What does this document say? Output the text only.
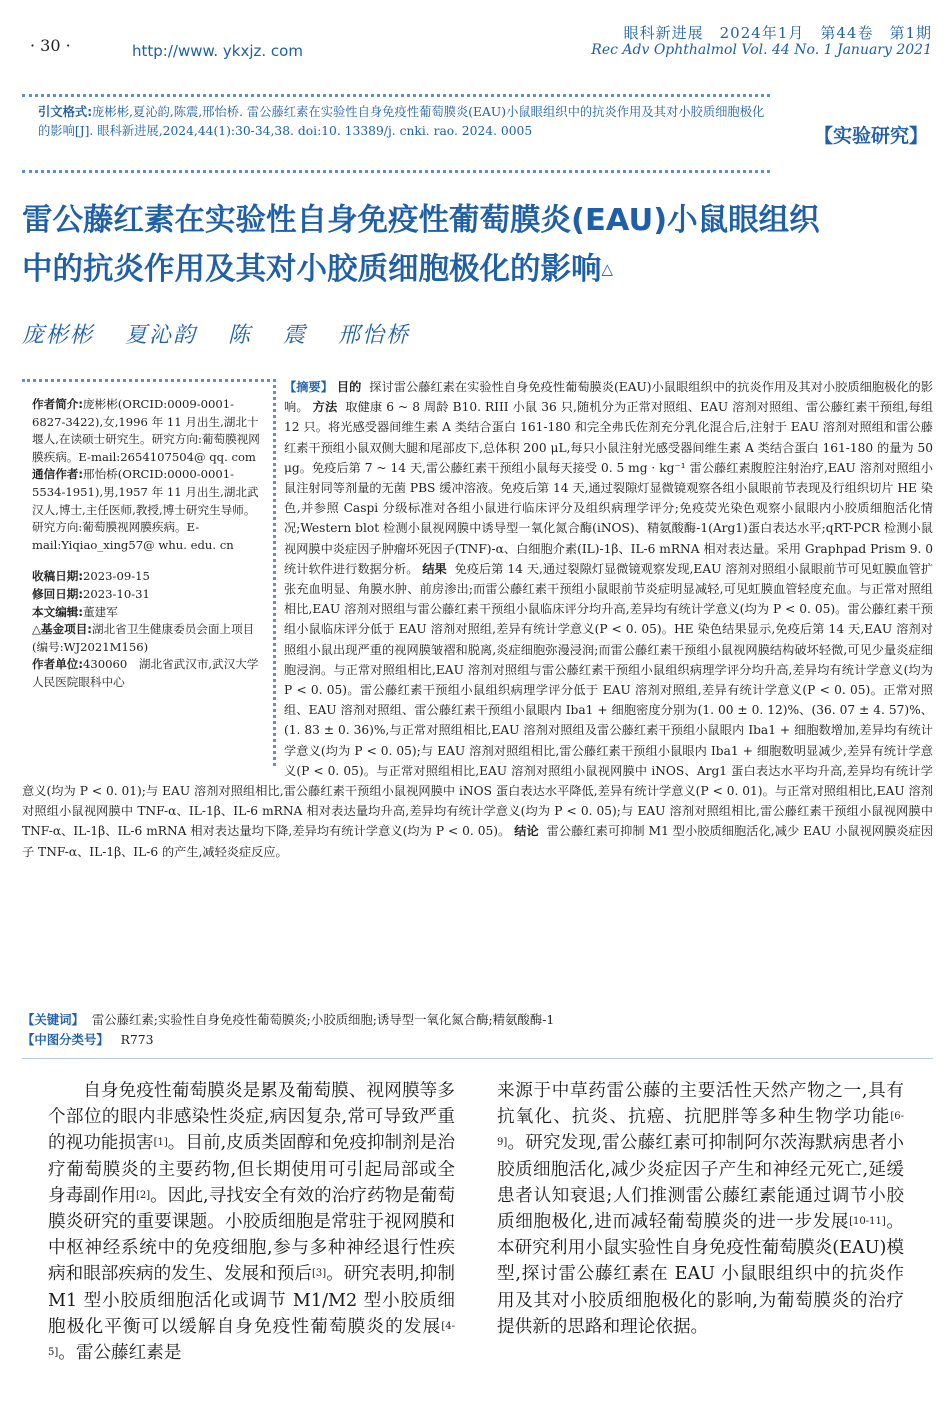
· 30 ·	http://www. ykxjz. com
眼科新进展　2024年1月　第44卷　第1期
Rec Adv Ophthalmol Vol. 44 No. 1 January 2021
引文格式:庞彬彬,夏沁韵,陈震,邢怡桥. 雷公藤红素在实验性自身免疫性葡萄膜炎(EAU)小鼠眼组织中的抗炎作用及其对小胶质细胞极化的影响[J]. 眼科新进展,2024,44(1):30-34,38. doi:10. 13389/j. cnki. rao. 2024. 0005	【实验研究】
雷公藤红素在实验性自身免疫性葡萄膜炎(EAU)小鼠眼组织
中的抗炎作用及其对小胶质细胞极化的影响△
庞彬彬 夏沁韵 陈 震 邢怡桥

作者简介:庞彬彬(ORCID:0009-0001-6827-3422),女,1996 年 11 月出生,湖北十堰人,在读硕士研究生。研究方向:葡萄膜视网膜疾病。E-mail:2654107504@ qq. com

通信作者:邢怡桥(ORCID:0000-0001-5534-1951),男,1957 年 11 月出生,湖北武汉人,博士,主任医师,教授,博士研究生导师。研究方向:葡萄膜视网膜疾病。E-mail:Yiqiao_xing57@ whu. edu. cn

收稿日期:2023-09-15

修回日期:2023-10-31

本文编辑:董建军

△基金项目:湖北省卫生健康委员会面上项目(编号:WJ2021M156)

作者单位:430060　湖北省武汉市,武汉大学人民医院眼科中心

【摘要】 目的 探讨雷公藤红素在实验性自身免疫性葡萄膜炎(EAU)小鼠眼组织中的抗炎作用及其对小胶质细胞极化的影响。 方法 取健康 6 ~ 8 周龄 B10. RIII 小鼠 36 只,随机分为正常对照组、EAU 溶剂对照组、雷公藤红素干预组,每组 12 只。将光感受器间维生素 A 类结合蛋白 161-180 和完全弗氏佐剂充分乳化混合后,注射于 EAU 溶剂对照组和雷公藤红素干预组小鼠双侧大腿和尾部皮下,总体积 200 μL,每只小鼠注射光感受器间维生素 A 类结合蛋白 161-180 的量为 50 μg。免疫后第 7 ~ 14 天,雷公藤红素干预组小鼠每天接受 0. 5 mg · kg⁻¹ 雷公藤红素腹腔注射治疗,EAU 溶剂对照组小鼠注射同等剂量的无菌 PBS 缓冲溶液。免疫后第 14 天,通过裂隙灯显微镜观察各组小鼠眼前节表现及行组织切片 HE 染色,并参照 Caspi 分级标准对各组小鼠进行临床评分及组织病理学评分;免疫荧光染色观察小鼠眼内小胶质细胞活化情况;Western blot 检测小鼠视网膜中诱导型一氧化氮合酶(iNOS)、精氨酸酶-1(Arg1)蛋白表达水平;qRT-PCR 检测小鼠视网膜中炎症因子肿瘤坏死因子(TNF)-α、白细胞介素(IL)-1β、IL-6 mRNA 相对表达量。采用 Graphpad Prism 9. 0 统计软件进行数据分析。 结果 免疫后第 14 天,通过裂隙灯显微镜观察发现,EAU 溶剂对照组小鼠眼前节可见虹膜血管扩张充血明显、角膜水肿、前房渗出;而雷公藤红素干预组小鼠眼前节炎症明显减轻,可见虹膜血管轻度充血。与正常对照组相比,EAU 溶剂对照组与雷公藤红素干预组小鼠临床评分均升高,差异均有统计学意义(均为 P < 0. 05)。雷公藤红素干预组小鼠临床评分低于 EAU 溶剂对照组,差异有统计学意义(P < 0. 05)。HE 染色结果显示,免疫后第 14 天,EAU 溶剂对照组小鼠出现严重的视网膜皱褶和脱离,炎症细胞弥漫浸润;而雷公藤红素干预组小鼠视网膜结构破坏轻微,可见少量炎症细胞浸润。与正常对照组相比,EAU 溶剂对照组与雷公藤红素干预组小鼠组织病理学评分均升高,差异均有统计学意义(均为 P < 0. 05)。雷公藤红素干预组小鼠组织病理学评分低于 EAU 溶剂对照组,差异有统计学意义(P < 0. 05)。正常对照组、EAU 溶剂对照组、雷公藤红素干预组小鼠眼内 Iba1 + 细胞密度分别为(1. 00 ± 0. 12)%、(36. 07 ± 4. 57)%、(1. 83 ± 0. 36)%,与正常对照组相比,EAU 溶剂对照组及雷公藤红素干预组小鼠眼内 Iba1 + 细胞数增加,差异均有统计学意义(均为 P < 0. 05);与 EAU 溶剂对照组相比,雷公藤红素干预组小鼠眼内 Iba1 + 细胞数明显减少,差异有统计学意义(P < 0. 05)。与正常对照组相比,EAU 溶剂对照组小鼠视网膜中 iNOS、Arg1 蛋白表达水平均升高,差异均有统计学意义(均为 P < 0. 01);与 EAU 溶剂对照组相比,雷公藤红素干预组小鼠视网膜中 iNOS 蛋白表达水平降低,差异有统计学意义(P < 0. 01)。与正常对照组相比,EAU 溶剂对照组小鼠视网膜中 TNF-α、IL-1β、IL-6 mRNA 相对表达量均升高,差异均有统计学意义(均为 P < 0. 05);与 EAU 溶剂对照组相比,雷公藤红素干预组小鼠视网膜中 TNF-α、IL-1β、IL-6 mRNA 相对表达量均下降,差异均有统计学意义(均为 P < 0. 05)。 结论 雷公藤红素可抑制 M1 型小胶质细胞活化,减少 EAU 小鼠视网膜炎症因子 TNF-α、IL-1β、IL-6 的产生,减轻炎症反应。
【关键词】 雷公藤红素;实验性自身免疫性葡萄膜炎;小胶质细胞;诱导型一氧化氮合酶;精氨酸酶-1
【中图分类号】 R773

自身免疫性葡萄膜炎是累及葡萄膜、视网膜等多个部位的眼内非感染性炎症,病因复杂,常可导致严重的视功能损害[1]。目前,皮质类固醇和免疫抑制剂是治疗葡萄膜炎的主要药物,但长期使用可引起局部或全身毒副作用[2]。因此,寻找安全有效的治疗药物是葡萄膜炎研究的重要课题。小胶质细胞是常驻于视网膜和中枢神经系统中的免疫细胞,参与多种神经退行性疾病和眼部疾病的发生、发展和预后[3]。研究表明,抑制 M1 型小胶质细胞活化或调节 M1/M2 型小胶质细胞极化平衡可以缓解自身免疫性葡萄膜炎的发展[4-5]。雷公藤红素是

来源于中草药雷公藤的主要活性天然产物之一,具有抗氧化、抗炎、抗癌、抗肥胖等多种生物学功能[6-9]。研究发现,雷公藤红素可抑制阿尔茨海默病患者小胶质细胞活化,减少炎症因子产生和神经元死亡,延缓患者认知衰退;人们推测雷公藤红素能通过调节小胶质细胞极化,进而减轻葡萄膜炎的进一步发展[10-11]。本研究利用小鼠实验性自身免疫性葡萄膜炎(EAU)模型,探讨雷公藤红素在 EAU 小鼠眼组织中的抗炎作用及其对小胶质细胞极化的影响,为葡萄膜炎的治疗提供新的思路和理论依据。
